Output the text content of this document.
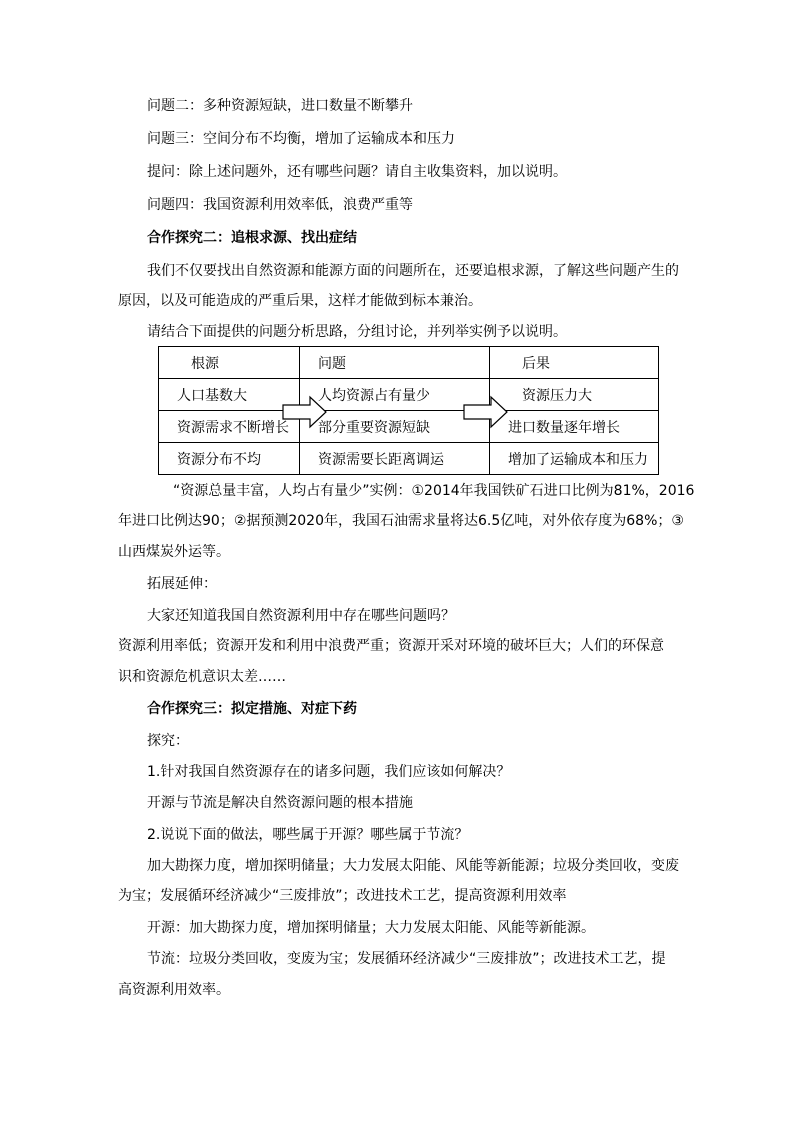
问题二：多种资源短缺，进口数量不断攀升
问题三：空间分布不均衡，增加了运输成本和压力
提问：除上述问题外，还有哪些问题？请自主收集资料，加以说明。
问题四：我国资源利用效率低，浪费严重等
合作探究二：追根求源、找出症结
我们不仅要找出自然资源和能源方面的问题所在，还要追根求源，了解这些问题产生的
原因，以及可能造成的严重后果，这样才能做到标本兼治。
请结合下面提供的问题分析思路，分组讨论，并列举实例予以说明。
根源	问题	后果
人口基数大	人均资源占有量少	资源压力大
资源需求不断增长	部分重要资源短缺	进口数量逐年增长
资源分布不均	资源需要长距离调运	增加了运输成本和压力
“资源总量丰富，人均占有量少”实例：①2014年我国铁矿石进口比例为81%，2016
年进口比例达90；②据预测2020年，我国石油需求量将达6.5亿吨，对外依存度为68%；③
山西煤炭外运等。
拓展延伸：
大家还知道我国自然资源利用中存在哪些问题吗？
资源利用率低；资源开发和利用中浪费严重；资源开采对环境的破坏巨大；人们的环保意
识和资源危机意识太差……
合作探究三：拟定措施、对症下药
探究：
1.针对我国自然资源存在的诸多问题，我们应该如何解决？
开源与节流是解决自然资源问题的根本措施
2.说说下面的做法，哪些属于开源？哪些属于节流？
加大勘探力度，增加探明储量；大力发展太阳能、风能等新能源；垃圾分类回收，变废
为宝；发展循环经济减少“三废排放”；改进技术工艺，提高资源利用效率
开源：加大勘探力度，增加探明储量；大力发展太阳能、风能等新能源。
节流：垃圾分类回收，变废为宝；发展循环经济减少“三废排放”；改进技术工艺，提
高资源利用效率。
